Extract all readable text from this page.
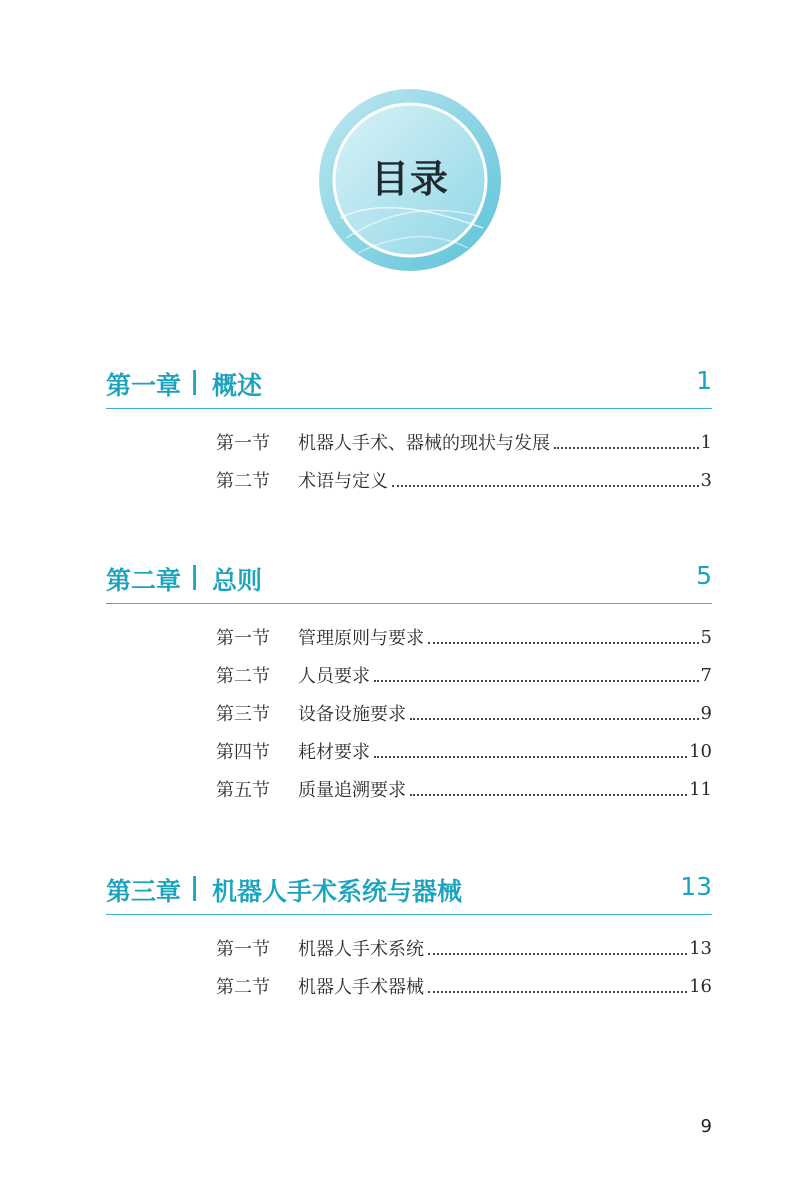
目录
第一章 | 概述	1
第一节	机器人手术、器械的现状与发展	1
第二节	术语与定义	3
第二章 | 总则	5
第一节	管理原则与要求	5
第二节	人员要求	7
第三节	设备设施要求	9
第四节	耗材要求	10
第五节	质量追溯要求	11
第三章 | 机器人手术系统与器械	13
第一节	机器人手术系统	13
第二节	机器人手术器械	16
9
